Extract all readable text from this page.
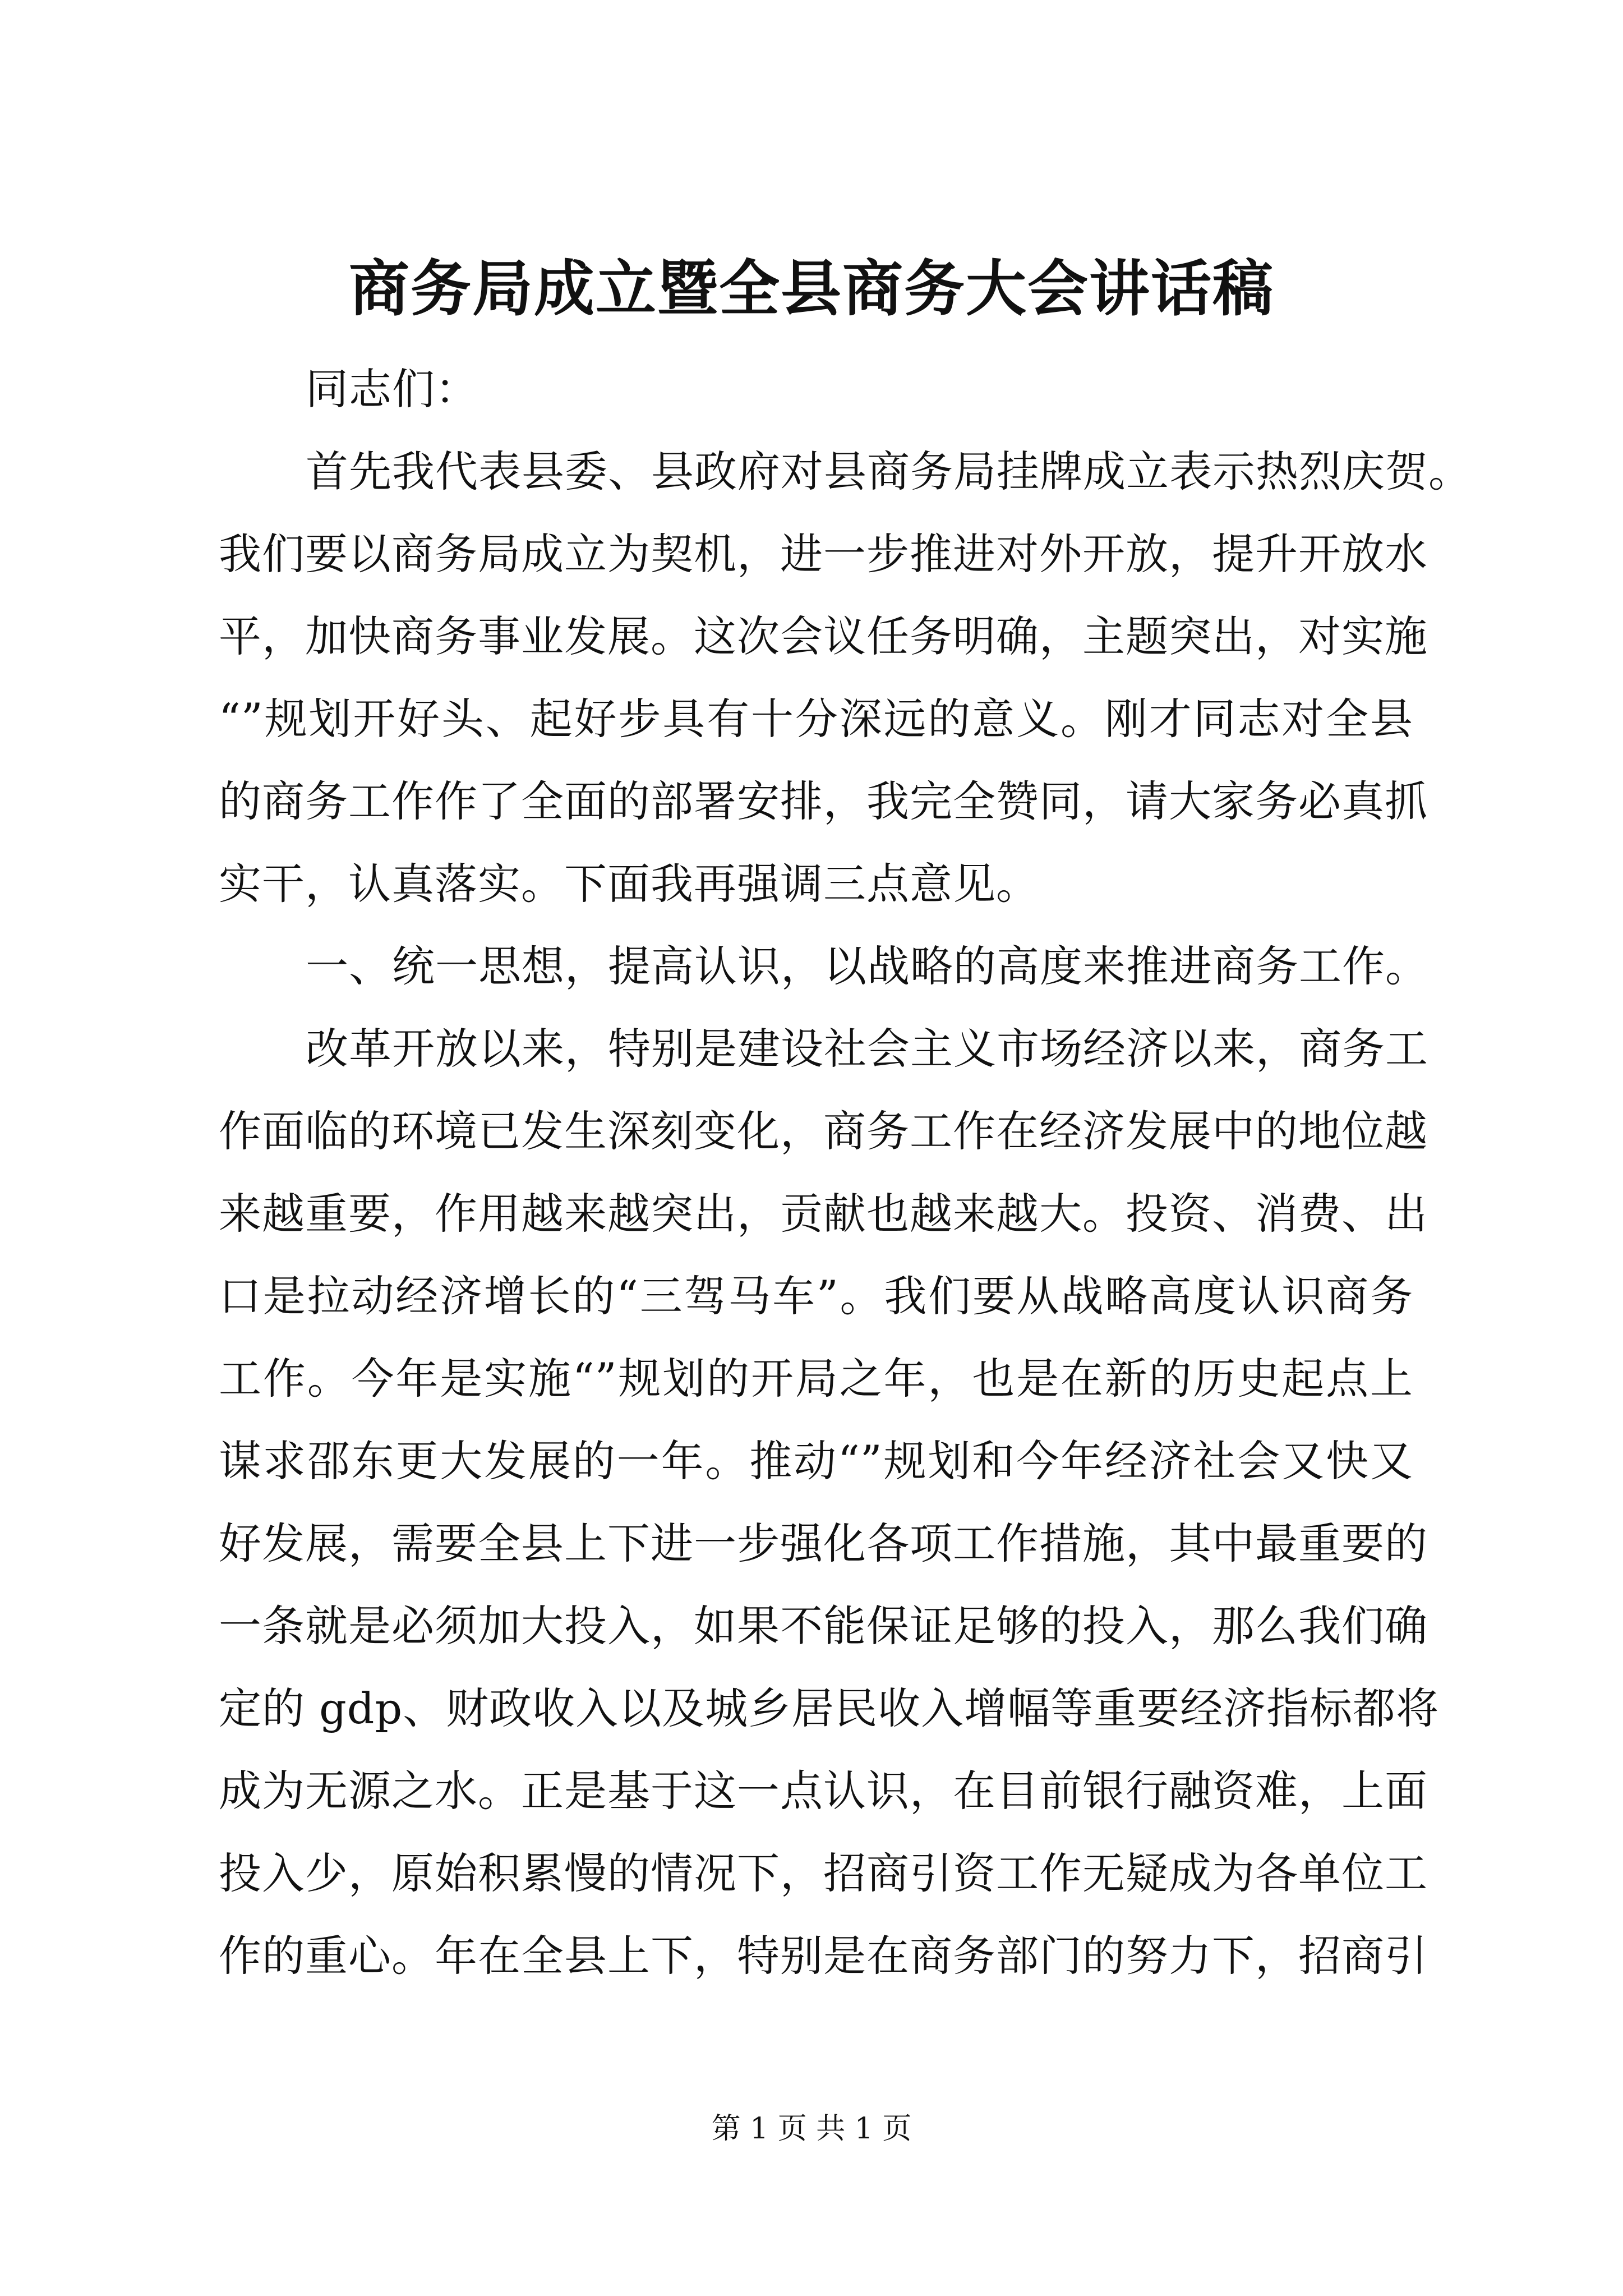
商务局成立暨全县商务大会讲话稿
同志们：
首先我代表县委、县政府对县商务局挂牌成立表示热烈庆贺。
我们要以商务局成立为契机，进一步推进对外开放，提升开放水
平，加快商务事业发展。这次会议任务明确，主题突出，对实施
“”规划开好头、起好步具有十分深远的意义。刚才同志对全县
的商务工作作了全面的部署安排，我完全赞同，请大家务必真抓
实干，认真落实。下面我再强调三点意见。
一、统一思想，提高认识，以战略的高度来推进商务工作。
改革开放以来，特别是建设社会主义市场经济以来，商务工
作面临的环境已发生深刻变化，商务工作在经济发展中的地位越
来越重要，作用越来越突出，贡献也越来越大。投资、消费、出
口是拉动经济增长的“三驾马车”。我们要从战略高度认识商务
工作。今年是实施“”规划的开局之年，也是在新的历史起点上
谋求邵东更大发展的一年。推动“”规划和今年经济社会又快又
好发展，需要全县上下进一步强化各项工作措施，其中最重要的
一条就是必须加大投入，如果不能保证足够的投入，那么我们确
定的 gdp、财政收入以及城乡居民收入增幅等重要经济指标都将
成为无源之水。正是基于这一点认识，在目前银行融资难，上面
投入少，原始积累慢的情况下，招商引资工作无疑成为各单位工
作的重心。年在全县上下，特别是在商务部门的努力下，招商引
第 1 页 共 1 页
